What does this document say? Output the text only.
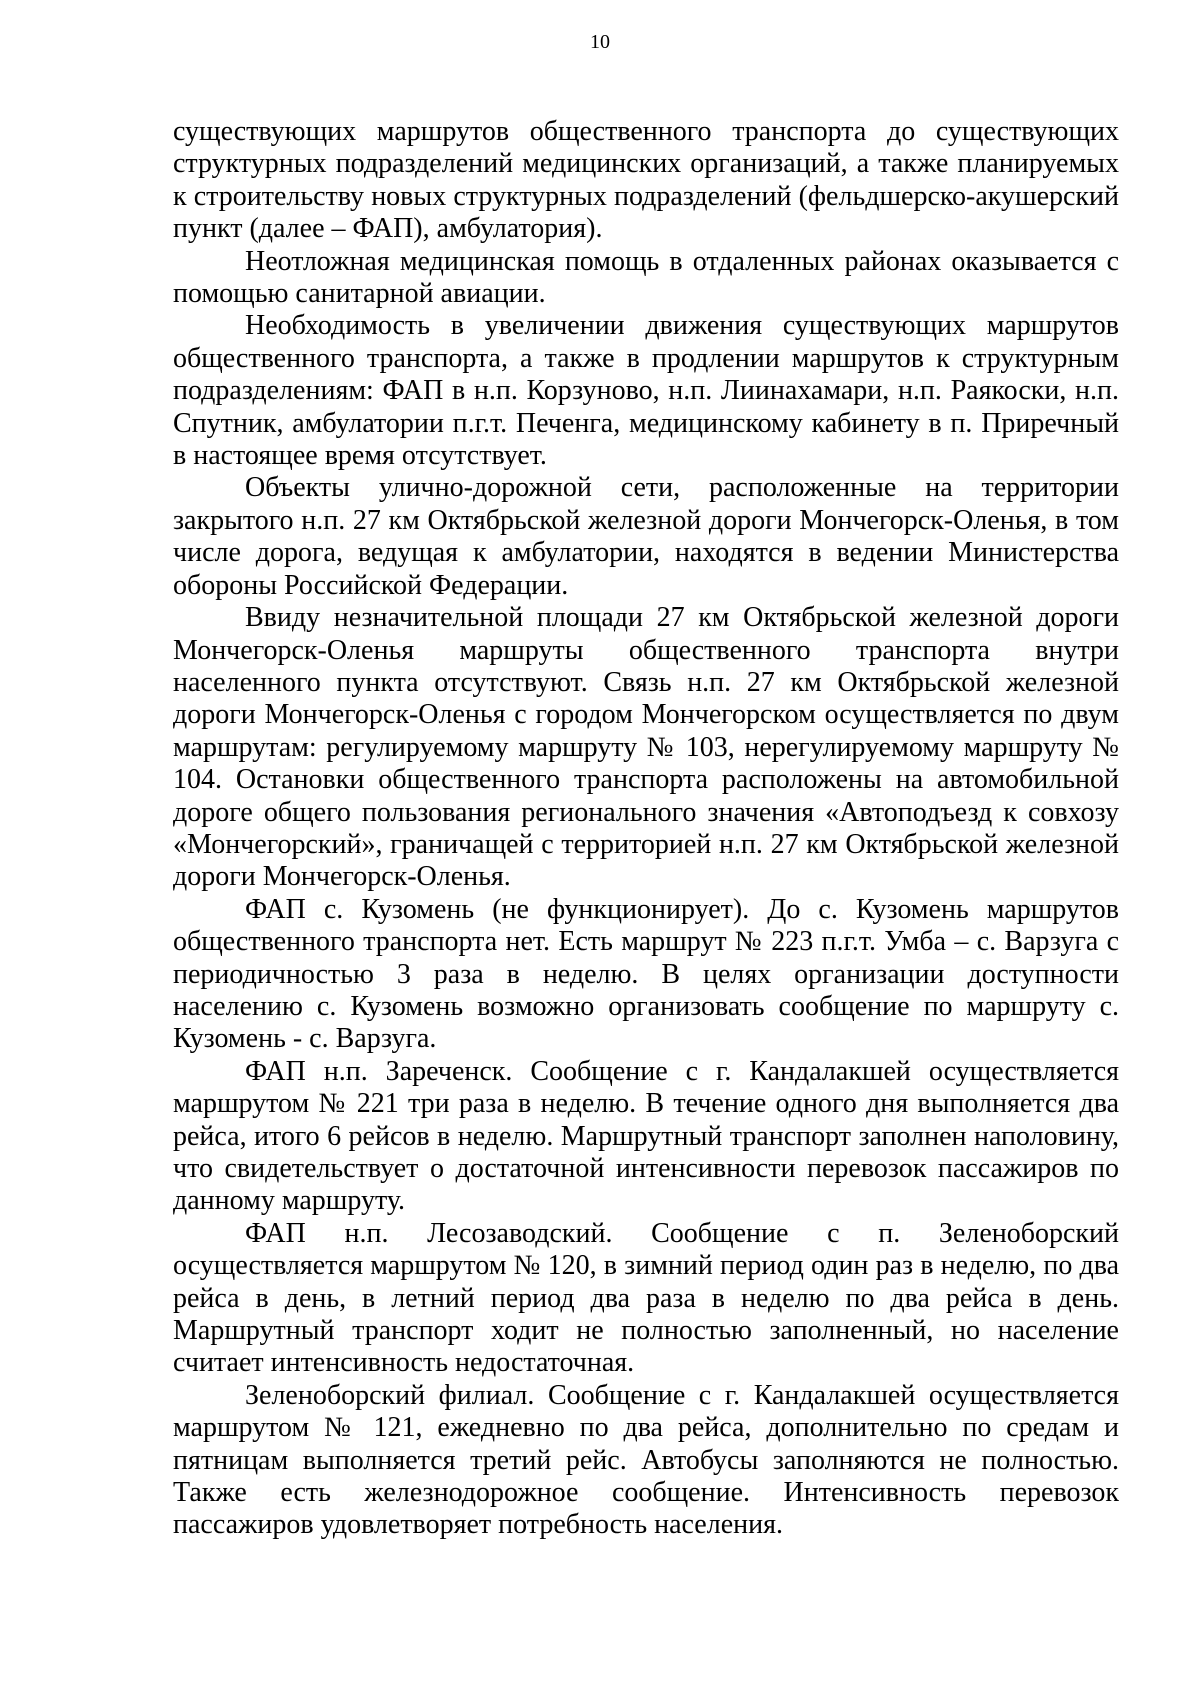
10

существующих маршрутов общественного транспорта до существующих структурных подразделений медицинских организаций, а также планируемых к строительству новых структурных подразделений (фельдшерско-акушерский пункт (далее – ФАП), амбулатория).

Неотложная медицинская помощь в отдаленных районах оказывается с помощью санитарной авиации.

Необходимость в увеличении движения существующих маршрутов общественного транспорта, а также в продлении маршрутов к структурным подразделениям: ФАП в н.п. Корзуново, н.п. Лиинахамари, н.п. Раякоски, н.п. Спутник, амбулатории п.г.т. Печенга, медицинскому кабинету в п. Приречный в настоящее время отсутствует.

Объекты улично-дорожной сети, расположенные на территории закрытого н.п. 27 км Октябрьской железной дороги Мончегорск-Оленья, в том числе дорога, ведущая к амбулатории, находятся в ведении Министерства обороны Российской Федерации.

Ввиду незначительной площади 27 км Октябрьской железной дороги Мончегорск-Оленья маршруты общественного транспорта внутри населенного пункта отсутствуют. Связь н.п. 27 км Октябрьской железной дороги Мончегорск-Оленья с городом Мончегорском осуществляется по двум маршрутам: регулируемому маршруту № 103, нерегулируемому маршруту № 104. Остановки общественного транспорта расположены на автомобильной дороге общего пользования регионального значения «Автоподъезд к совхозу «Мончегорский», граничащей с территорией н.п. 27 км Октябрьской железной дороги Мончегорск-Оленья.

ФАП с. Кузомень (не функционирует). До с. Кузомень маршрутов общественного транспорта нет. Есть маршрут № 223 п.г.т. Умба – с. Варзуга с периодичностью 3 раза в неделю. В целях организации доступности населению с. Кузомень возможно организовать сообщение по маршруту с. Кузомень - с. Варзуга.

ФАП н.п. Зареченск. Сообщение с г. Кандалакшей осуществляется маршрутом № 221 три раза в неделю. В течение одного дня выполняется два рейса, итого 6 рейсов в неделю. Маршрутный транспорт заполнен наполовину, что свидетельствует о достаточной интенсивности перевозок пассажиров по данному маршруту.

ФАП н.п. Лесозаводский. Сообщение с п. Зеленоборский осуществляется маршрутом № 120, в зимний период один раз в неделю, по два рейса в день, в летний период два раза в неделю по два рейса в день. Маршрутный транспорт ходит не полностью заполненный, но население считает интенсивность недостаточная.

Зеленоборский филиал. Сообщение с г. Кандалакшей осуществляется маршрутом № 121, ежедневно по два рейса, дополнительно по средам и пятницам выполняется третий рейс. Автобусы заполняются не полностью. Также есть железнодорожное сообщение. Интенсивность перевозок пассажиров удовлетворяет потребность населения.
